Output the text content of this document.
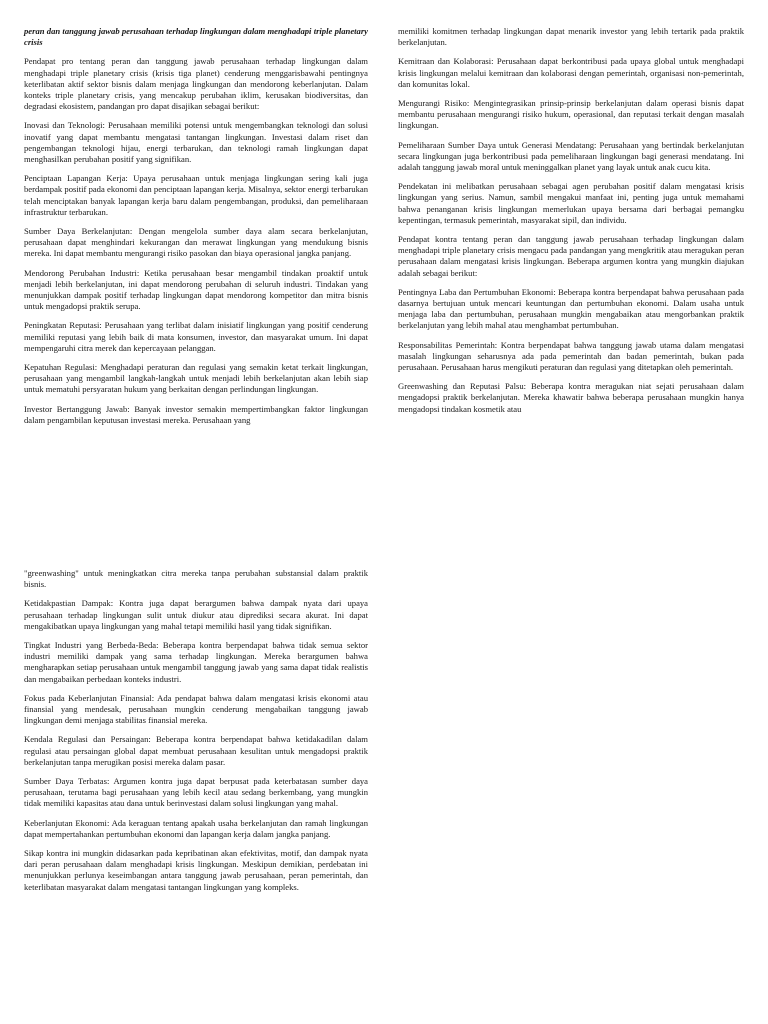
peran dan tanggung jawab perusahaan terhadap lingkungan dalam menghadapi triple planetary crisis

Pendapat pro tentang peran dan tanggung jawab perusahaan terhadap lingkungan dalam menghadapi triple planetary crisis (krisis tiga planet) cenderung menggarisbawahi pentingnya keterlibatan aktif sektor bisnis dalam menjaga lingkungan dan mendorong keberlanjutan. Dalam konteks triple planetary crisis, yang mencakup perubahan iklim, kerusakan biodiversitas, dan degradasi ekosistem, pandangan pro dapat disajikan sebagai berikut:

Inovasi dan Teknologi: Perusahaan memiliki potensi untuk mengembangkan teknologi dan solusi inovatif yang dapat membantu mengatasi tantangan lingkungan. Investasi dalam riset dan pengembangan teknologi hijau, energi terbarukan, dan teknologi ramah lingkungan dapat menghasilkan perubahan positif yang signifikan.

Penciptaan Lapangan Kerja: Upaya perusahaan untuk menjaga lingkungan sering kali juga berdampak positif pada ekonomi dan penciptaan lapangan kerja. Misalnya, sektor energi terbarukan telah menciptakan banyak lapangan kerja baru dalam pengembangan, produksi, dan pemeliharaan infrastruktur terbarukan.

Sumber Daya Berkelanjutan: Dengan mengelola sumber daya alam secara berkelanjutan, perusahaan dapat menghindari kekurangan dan merawat lingkungan yang mendukung bisnis mereka. Ini dapat membantu mengurangi risiko pasokan dan biaya operasional jangka panjang.

Mendorong Perubahan Industri: Ketika perusahaan besar mengambil tindakan proaktif untuk menjadi lebih berkelanjutan, ini dapat mendorong perubahan di seluruh industri. Tindakan yang menunjukkan dampak positif terhadap lingkungan dapat mendorong kompetitor dan mitra bisnis untuk mengadopsi praktik serupa.

Peningkatan Reputasi: Perusahaan yang terlibat dalam inisiatif lingkungan yang positif cenderung memiliki reputasi yang lebih baik di mata konsumen, investor, dan masyarakat umum. Ini dapat mempengaruhi citra merek dan kepercayaan pelanggan.

Kepatuhan Regulasi: Menghadapi peraturan dan regulasi yang semakin ketat terkait lingkungan, perusahaan yang mengambil langkah-langkah untuk menjadi lebih berkelanjutan akan lebih siap untuk mematuhi persyaratan hukum yang berkaitan dengan perlindungan lingkungan.

Investor Bertanggung Jawab: Banyak investor semakin mempertimbangkan faktor lingkungan dalam pengambilan keputusan investasi mereka. Perusahaan yang

memiliki komitmen terhadap lingkungan dapat menarik investor yang lebih tertarik pada praktik berkelanjutan.

Kemitraan dan Kolaborasi: Perusahaan dapat berkontribusi pada upaya global untuk menghadapi krisis lingkungan melalui kemitraan dan kolaborasi dengan pemerintah, organisasi non-pemerintah, dan komunitas lokal.

Mengurangi Risiko: Mengintegrasikan prinsip-prinsip berkelanjutan dalam operasi bisnis dapat membantu perusahaan mengurangi risiko hukum, operasional, dan reputasi terkait dengan masalah lingkungan.

Pemeliharaan Sumber Daya untuk Generasi Mendatang: Perusahaan yang bertindak berkelanjutan secara lingkungan juga berkontribusi pada pemeliharaan lingkungan bagi generasi mendatang. Ini adalah tanggung jawab moral untuk meninggalkan planet yang layak untuk anak cucu kita.

Pendekatan ini melibatkan perusahaan sebagai agen perubahan positif dalam mengatasi krisis lingkungan yang serius. Namun, sambil mengakui manfaat ini, penting juga untuk memahami bahwa penanganan krisis lingkungan memerlukan upaya bersama dari berbagai pemangku kepentingan, termasuk pemerintah, masyarakat sipil, dan individu.

Pendapat kontra tentang peran dan tanggung jawab perusahaan terhadap lingkungan dalam menghadapi triple planetary crisis mengacu pada pandangan yang mengkritik atau meragukan peran perusahaan dalam mengatasi krisis lingkungan. Beberapa argumen kontra yang mungkin diajukan adalah sebagai berikut:

Pentingnya Laba dan Pertumbuhan Ekonomi: Beberapa kontra berpendapat bahwa perusahaan pada dasarnya bertujuan untuk mencari keuntungan dan pertumbuhan ekonomi. Dalam usaha untuk menjaga laba dan pertumbuhan, perusahaan mungkin mengabaikan atau mengorbankan praktik berkelanjutan yang lebih mahal atau menghambat pertumbuhan.

Responsabilitas Pemerintah: Kontra berpendapat bahwa tanggung jawab utama dalam mengatasi masalah lingkungan seharusnya ada pada pemerintah dan badan pemerintah, bukan pada perusahaan. Perusahaan harus mengikuti peraturan dan regulasi yang ditetapkan oleh pemerintah.

Greenwashing dan Reputasi Palsu: Beberapa kontra meragukan niat sejati perusahaan dalam mengadopsi praktik berkelanjutan. Mereka khawatir bahwa beberapa perusahaan mungkin hanya mengadopsi tindakan kosmetik atau

"greenwashing" untuk meningkatkan citra mereka tanpa perubahan substansial dalam praktik bisnis.

Ketidakpastian Dampak: Kontra juga dapat berargumen bahwa dampak nyata dari upaya perusahaan terhadap lingkungan sulit untuk diukur atau diprediksi secara akurat. Ini dapat mengakibatkan upaya lingkungan yang mahal tetapi memiliki hasil yang tidak signifikan.

Tingkat Industri yang Berbeda-Beda: Beberapa kontra berpendapat bahwa tidak semua sektor industri memiliki dampak yang sama terhadap lingkungan. Mereka berargumen bahwa mengharapkan setiap perusahaan untuk mengambil tanggung jawab yang sama dapat tidak realistis dan mengabaikan perbedaan konteks industri.

Fokus pada Keberlanjutan Finansial: Ada pendapat bahwa dalam mengatasi krisis ekonomi atau finansial yang mendesak, perusahaan mungkin cenderung mengabaikan tanggung jawab lingkungan demi menjaga stabilitas finansial mereka.

Kendala Regulasi dan Persaingan: Beberapa kontra berpendapat bahwa ketidakadilan dalam regulasi atau persaingan global dapat membuat perusahaan kesulitan untuk mengadopsi praktik berkelanjutan tanpa merugikan posisi mereka dalam pasar.

Sumber Daya Terbatas: Argumen kontra juga dapat berpusat pada keterbatasan sumber daya perusahaan, terutama bagi perusahaan yang lebih kecil atau sedang berkembang, yang mungkin tidak memiliki kapasitas atau dana untuk berinvestasi dalam solusi lingkungan yang mahal.

Keberlanjutan Ekonomi: Ada keraguan tentang apakah usaha berkelanjutan dan ramah lingkungan dapat mempertahankan pertumbuhan ekonomi dan lapangan kerja dalam jangka panjang.

Sikap kontra ini mungkin didasarkan pada kepribatinan akan efektivitas, motif, dan dampak nyata dari peran perusahaan dalam menghadapi krisis lingkungan. Meskipun demikian, perdebatan ini menunjukkan perlunya keseimbangan antara tanggung jawab perusahaan, peran pemerintah, dan keterlibatan masyarakat dalam mengatasi tantangan lingkungan yang kompleks.
